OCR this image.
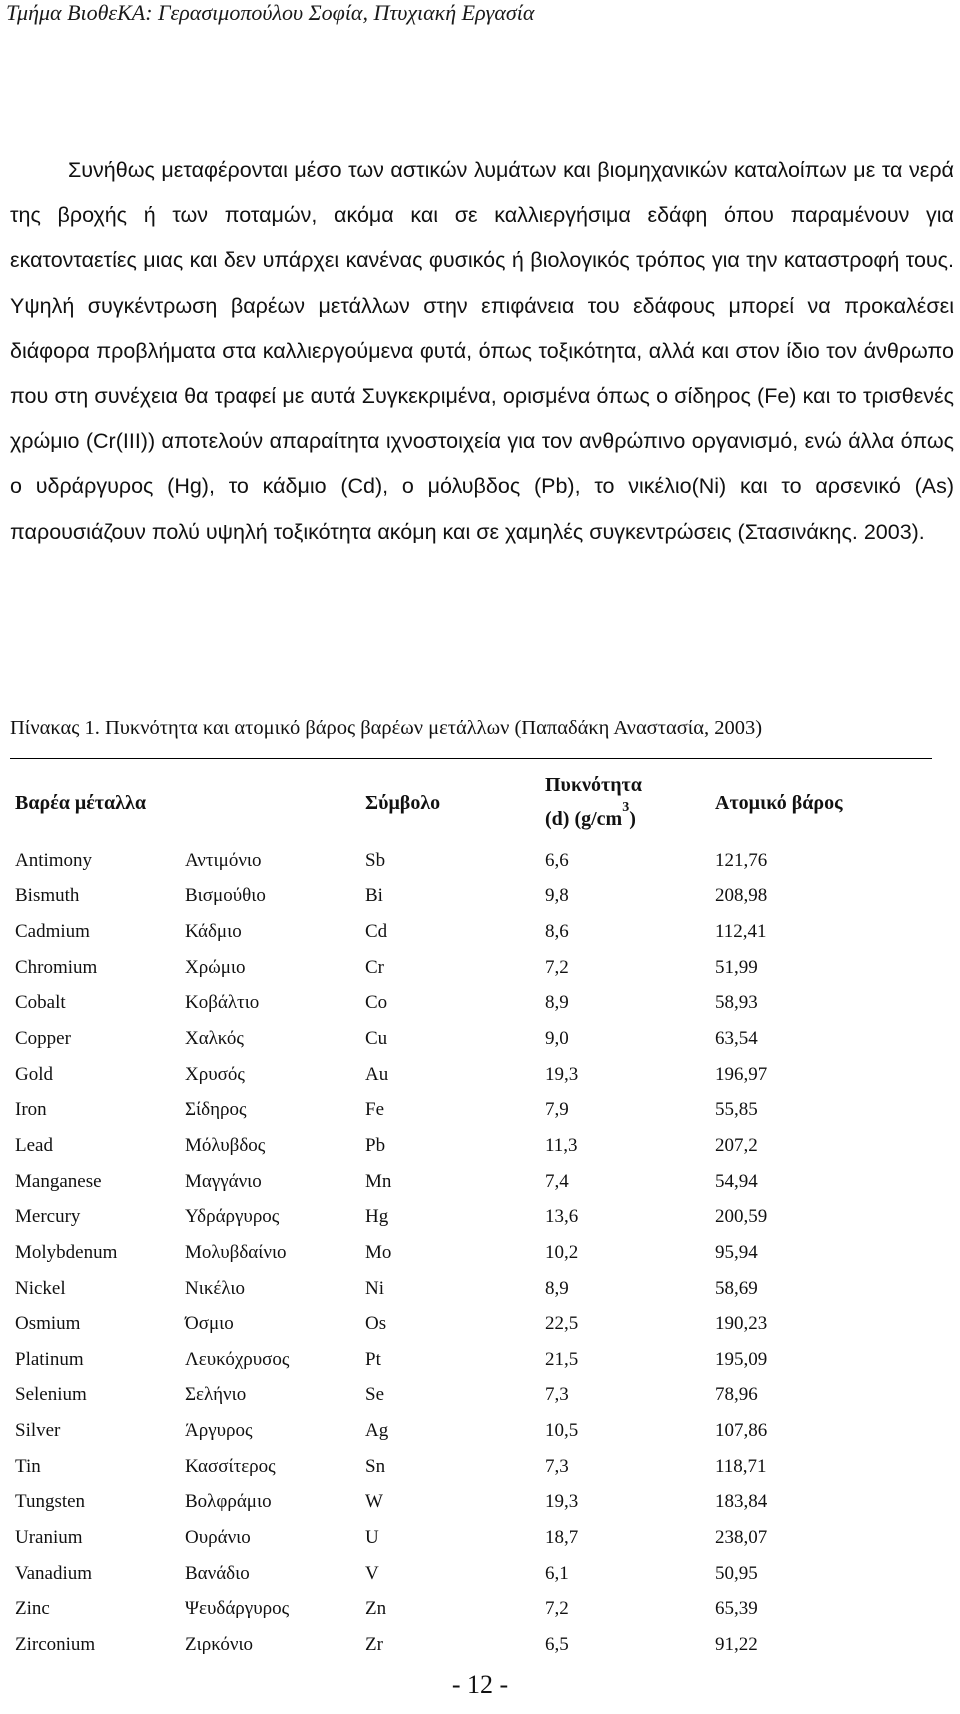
Τμήμα ΒιοθεΚΑ: Γερασιμοπούλου Σοφία, Πτυχιακή Εργασία
Συνήθως μεταφέρονται μέσο των αστικών λυμάτων και βιομηχανικών καταλοίπων με τα νερά της βροχής ή των ποταμών, ακόμα και σε καλλιεργήσιμα εδάφη όπου παραμένουν για εκατονταετίες μιας και δεν υπάρχει κανένας φυσικός ή βιολογικός τρόπος για την καταστροφή τους. Υψηλή συγκέντρωση βαρέων μετάλλων στην επιφάνεια του εδάφους μπορεί να προκαλέσει διάφορα προβλήματα στα καλλιεργούμενα φυτά, όπως τοξικότητα, αλλά και στον ίδιο τον άνθρωπο που στη συνέχεια θα τραφεί με αυτά Συγκεκριμένα, ορισμένα όπως ο σίδηρος (Fe) και το τρισθενές χρώμιο (Cr(III)) αποτελούν απαραίτητα ιχνοστοιχεία για τον ανθρώπινο οργανισμό, ενώ άλλα όπως ο υδράργυρος (Hg), το κάδμιο (Cd), ο μόλυβδος (Pb), το νικέλιο(Ni) και το αρσενικό (As) παρουσιάζουν πολύ υψηλή τοξικότητα ακόμη και σε χαμηλές συγκεντρώσεις (Στασινάκης. 2003).
Πίνακας 1. Πυκνότητα και ατομικό βάρος βαρέων μετάλλων (Παπαδάκη Αναστασία, 2003)
Βαρέα μέταλλα		Σύμβολο	Πυκνότητα
(d) $(g/cm^3)$	Ατομικό βάρος
Antimony	Αντιμόνιο	Sb	6,6	121,76
Bismuth	Βισμούθιο	Bi	9,8	208,98
Cadmium	Κάδμιο	Cd	8,6	112,41
Chromium	Χρώμιο	Cr	7,2	51,99
Cobalt	Κοβάλτιο	Co	8,9	58,93
Copper	Χαλκός	Cu	9,0	63,54
Gold	Χρυσός	Au	19,3	196,97
Iron	Σίδηρος	Fe	7,9	55,85
Lead	Μόλυβδος	Pb	11,3	207,2
Manganese	Μαγγάνιο	Mn	7,4	54,94
Mercury	Υδράργυρος	Hg	13,6	200,59
Molybdenum	Μολυβδαίνιο	Mo	10,2	95,94
Nickel	Νικέλιο	Ni	8,9	58,69
Osmium	Όσμιο	Os	22,5	190,23
Platinum	Λευκόχρυσος	Pt	21,5	195,09
Selenium	Σελήνιο	Se	7,3	78,96
Silver	Άργυρος	Ag	10,5	107,86
Tin	Κασσίτερος	Sn	7,3	118,71
Tungsten	Βολφράμιο	W	19,3	183,84
Uranium	Ουράνιο	U	18,7	238,07
Vanadium	Βανάδιο	V	6,1	50,95
Zinc	Ψευδάργυρος	Zn	7,2	65,39
Zirconium	Ζιρκόνιο	Zr	6,5	91,22
- 12 -
